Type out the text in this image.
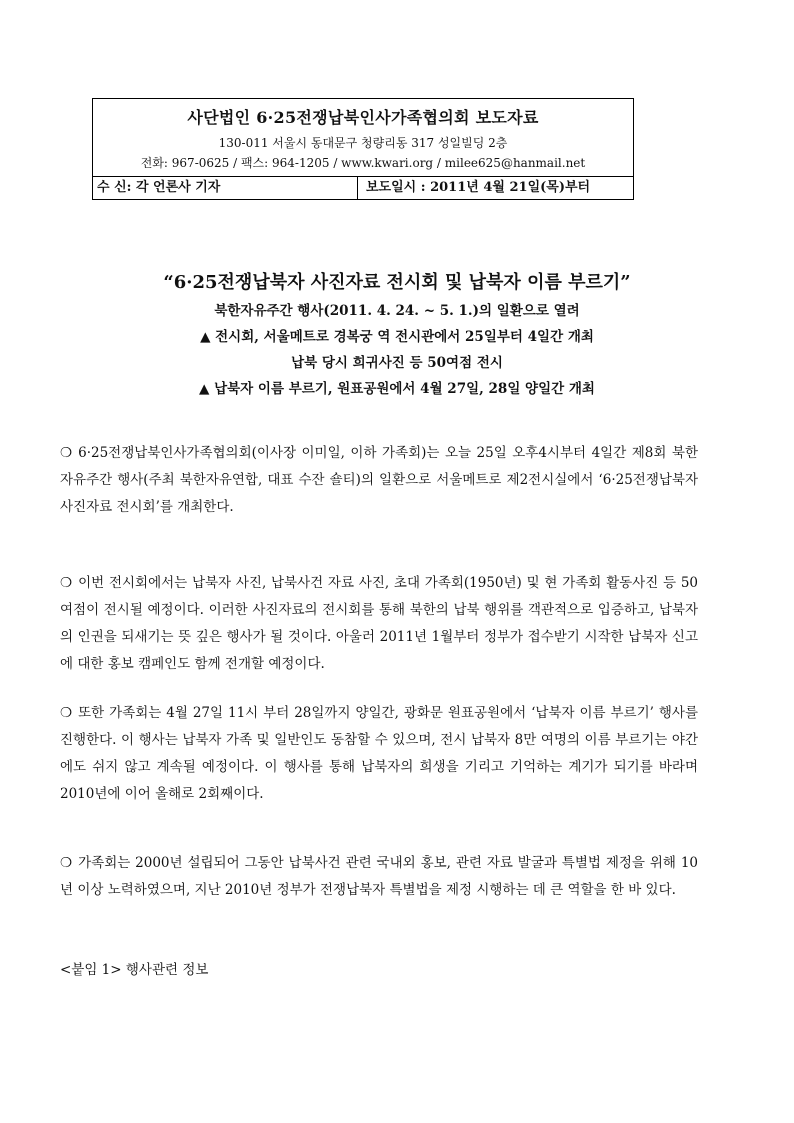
사단법인 6·25전쟁납북인사가족협의회 보도자료
130-011 서울시 동대문구 청량리동 317 성일빌딩 2층
전화: 967-0625 / 팩스: 964-1205 / www.kwari.org / milee625@hanmail.net
수 신: 각 언론사 기자	보도일시 : 2011년 4월 21일(목)부터
“6·25전쟁납북자 사진자료 전시회 및 납북자 이름 부르기”
북한자유주간 행사(2011. 4. 24. ~ 5. 1.)의 일환으로 열려
▲ 전시회, 서울메트로 경복궁 역 전시관에서 25일부터 4일간 개최
납북 당시 희귀사진 등 50여점 전시
▲ 납북자 이름 부르기, 원표공원에서 4월 27일, 28일 양일간 개최
❍ 6·25전쟁납북인사가족협의회(이사장 이미일, 이하 가족회)는 오늘 25일 오후4시부터 4일간 제8회 북한자유주간 행사(주최 북한자유연합, 대표 수잔 숄티)의 일환으로 서울메트로 제2전시실에서 ‘6·25전쟁납북자 사진자료 전시회’를 개최한다.
❍ 이번 전시회에서는 납북자 사진, 납북사건 자료 사진, 초대 가족회(1950년) 및 현 가족회 활동사진 등 50여점이 전시될 예정이다. 이러한 사진자료의 전시회를 통해 북한의 납북 행위를 객관적으로 입증하고, 납북자의 인권을 되새기는 뜻 깊은 행사가 될 것이다. 아울러 2011년 1월부터 정부가 접수받기 시작한 납북자 신고에 대한 홍보 캠페인도 함께 전개할 예정이다.
❍ 또한 가족회는 4월 27일 11시 부터 28일까지 양일간, 광화문 원표공원에서 ‘납북자 이름 부르기’ 행사를 진행한다. 이 행사는 납북자 가족 및 일반인도 동참할 수 있으며, 전시 납북자 8만 여명의 이름 부르기는 야간에도 쉬지 않고 계속될 예정이다. 이 행사를 통해 납북자의 희생을 기리고 기억하는 계기가 되기를 바라며 2010년에 이어 올해로 2회째이다.
❍ 가족회는 2000년 설립되어 그동안 납북사건 관련 국내외 홍보, 관련 자료 발굴과 특별법 제정을 위해 10년 이상 노력하였으며, 지난 2010년 정부가 전쟁납북자 특별법을 제정 시행하는 데 큰 역할을 한 바 있다.
<붙임 1> 행사관련 정보
